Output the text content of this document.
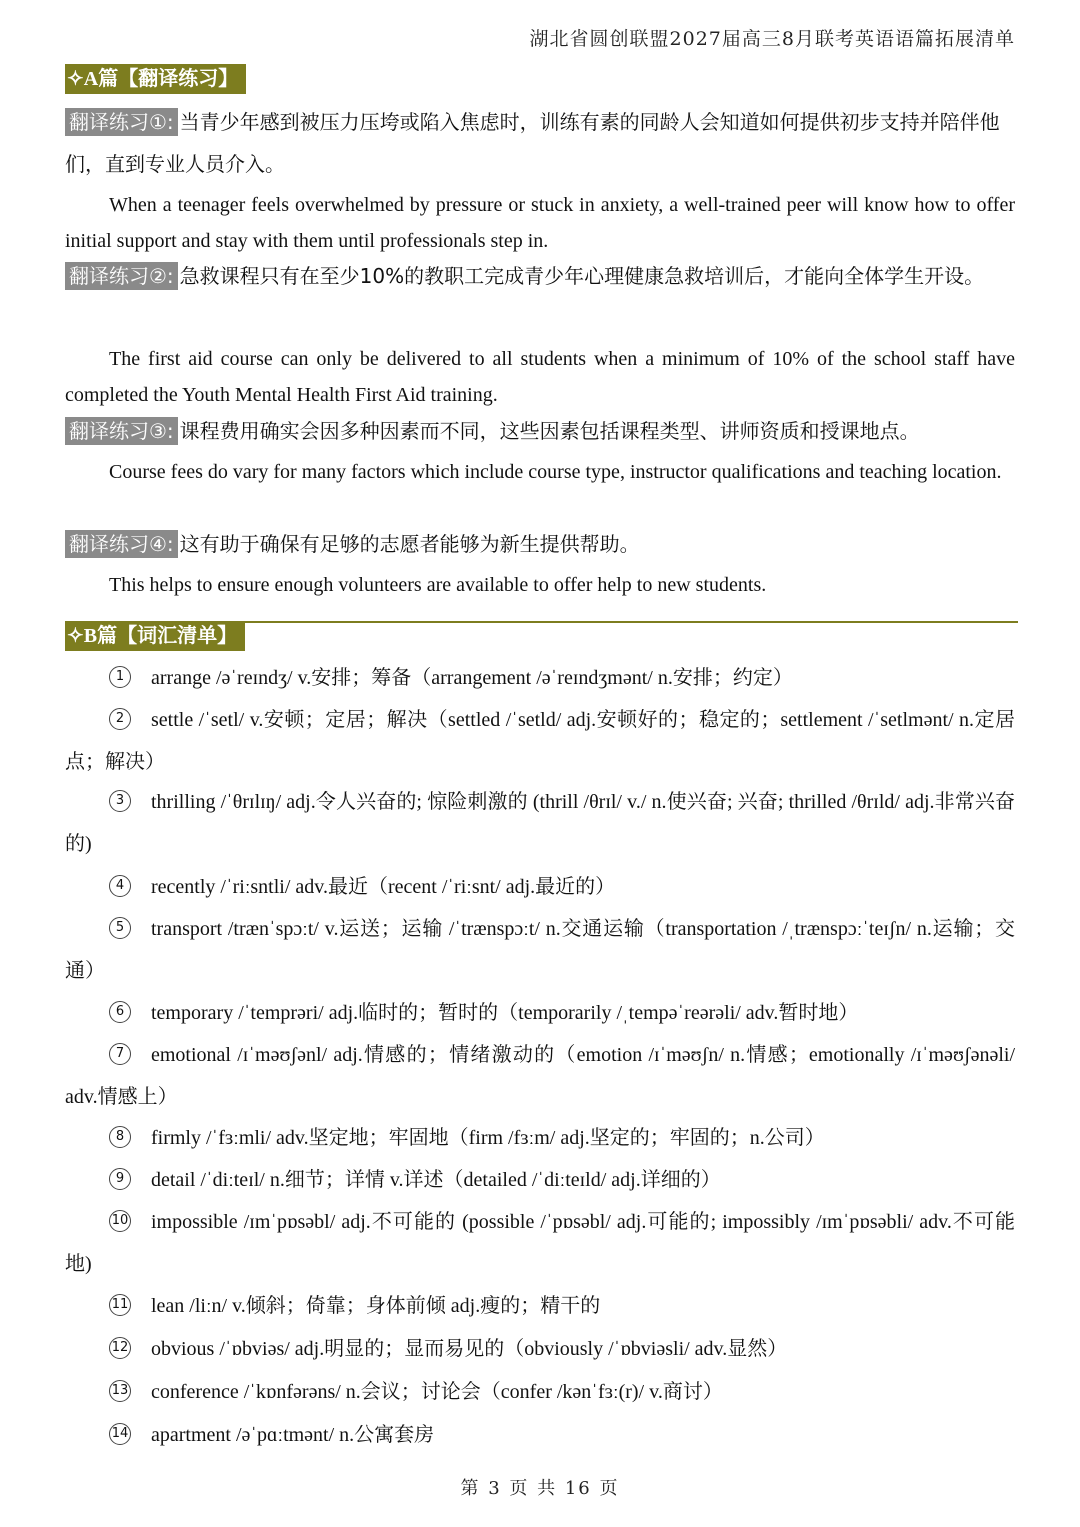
湖北省圆创联盟2027届高三8月联考英语语篇拓展清单
✧A篇【翻译练习】
翻译练习①: 当青少年感到被压力压垮或陷入焦虑时，训练有素的同龄人会知道如何提供初步支持并陪伴他们，直到专业人员介入。
When a teenager feels overwhelmed by pressure or stuck in anxiety, a well-trained peer will know how to offer initial support and stay with them until professionals step in.
翻译练习②: 急救课程只有在至少10%的教职工完成青少年心理健康急救培训后，才能向全体学生开设。
The first aid course can only be delivered to all students when a minimum of 10% of the school staff have completed the Youth Mental Health First Aid training.
翻译练习③: 课程费用确实会因多种因素而不同，这些因素包括课程类型、讲师资质和授课地点。
Course fees do vary for many factors which include course type, instructor qualifications and teaching location.
翻译练习④: 这有助于确保有足够的志愿者能够为新生提供帮助。
This helps to ensure enough volunteers are available to offer help to new students.
✧B篇【词汇清单】
1 arrange /əˈreɪndʒ/ v.安排；筹备（arrangement /əˈreɪndʒmənt/ n.安排；约定）
2 settle /ˈsetl/ v.安顿；定居；解决（settled /ˈsetld/ adj.安顿好的；稳定的；settlement /ˈsetlmənt/ n.定居点；解决）
3 thrilling /ˈθrɪlɪŋ/ adj.令人兴奋的; 惊险刺激的 (thrill /θrɪl/ v./ n.使兴奋; 兴奋; thrilled /θrɪld/ adj.非常兴奋的)
4 recently /ˈriːsntli/ adv.最近（recent /ˈriːsnt/ adj.最近的）
5 transport /trænˈspɔːt/ v.运送；运输 /ˈtrænspɔːt/ n.交通运输（transportation /ˌtrænspɔːˈteɪʃn/ n.运输；交通）
6 temporary /ˈtemprəri/ adj.临时的；暂时的（temporarily /ˌtempəˈreərəli/ adv.暂时地）
7 emotional /ɪˈməʊʃənl/ adj.情感的；情绪激动的（emotion /ɪˈməʊʃn/ n.情感；emotionally /ɪˈməʊʃənəli/ adv.情感上）
8 firmly /ˈfɜːmli/ adv.坚定地；牢固地（firm /fɜːm/ adj.坚定的；牢固的；n.公司）
9 detail /ˈdiːteɪl/ n.细节；详情 v.详述（detailed /ˈdiːteɪld/ adj.详细的）
10 impossible /ɪmˈpɒsəbl/ adj.不可能的 (possible /ˈpɒsəbl/ adj.可能的; impossibly /ɪmˈpɒsəbli/ adv.不可能地)
11 lean /liːn/ v.倾斜；倚靠；身体前倾 adj.瘦的；精干的
12 obvious /ˈɒbviəs/ adj.明显的；显而易见的（obviously /ˈɒbviəsli/ adv.显然）
13 conference /ˈkɒnfərəns/ n.会议；讨论会（confer /kənˈfɜː(r)/ v.商讨）
14 apartment /əˈpɑːtmənt/ n.公寓套房
第 3 页 共 16 页
